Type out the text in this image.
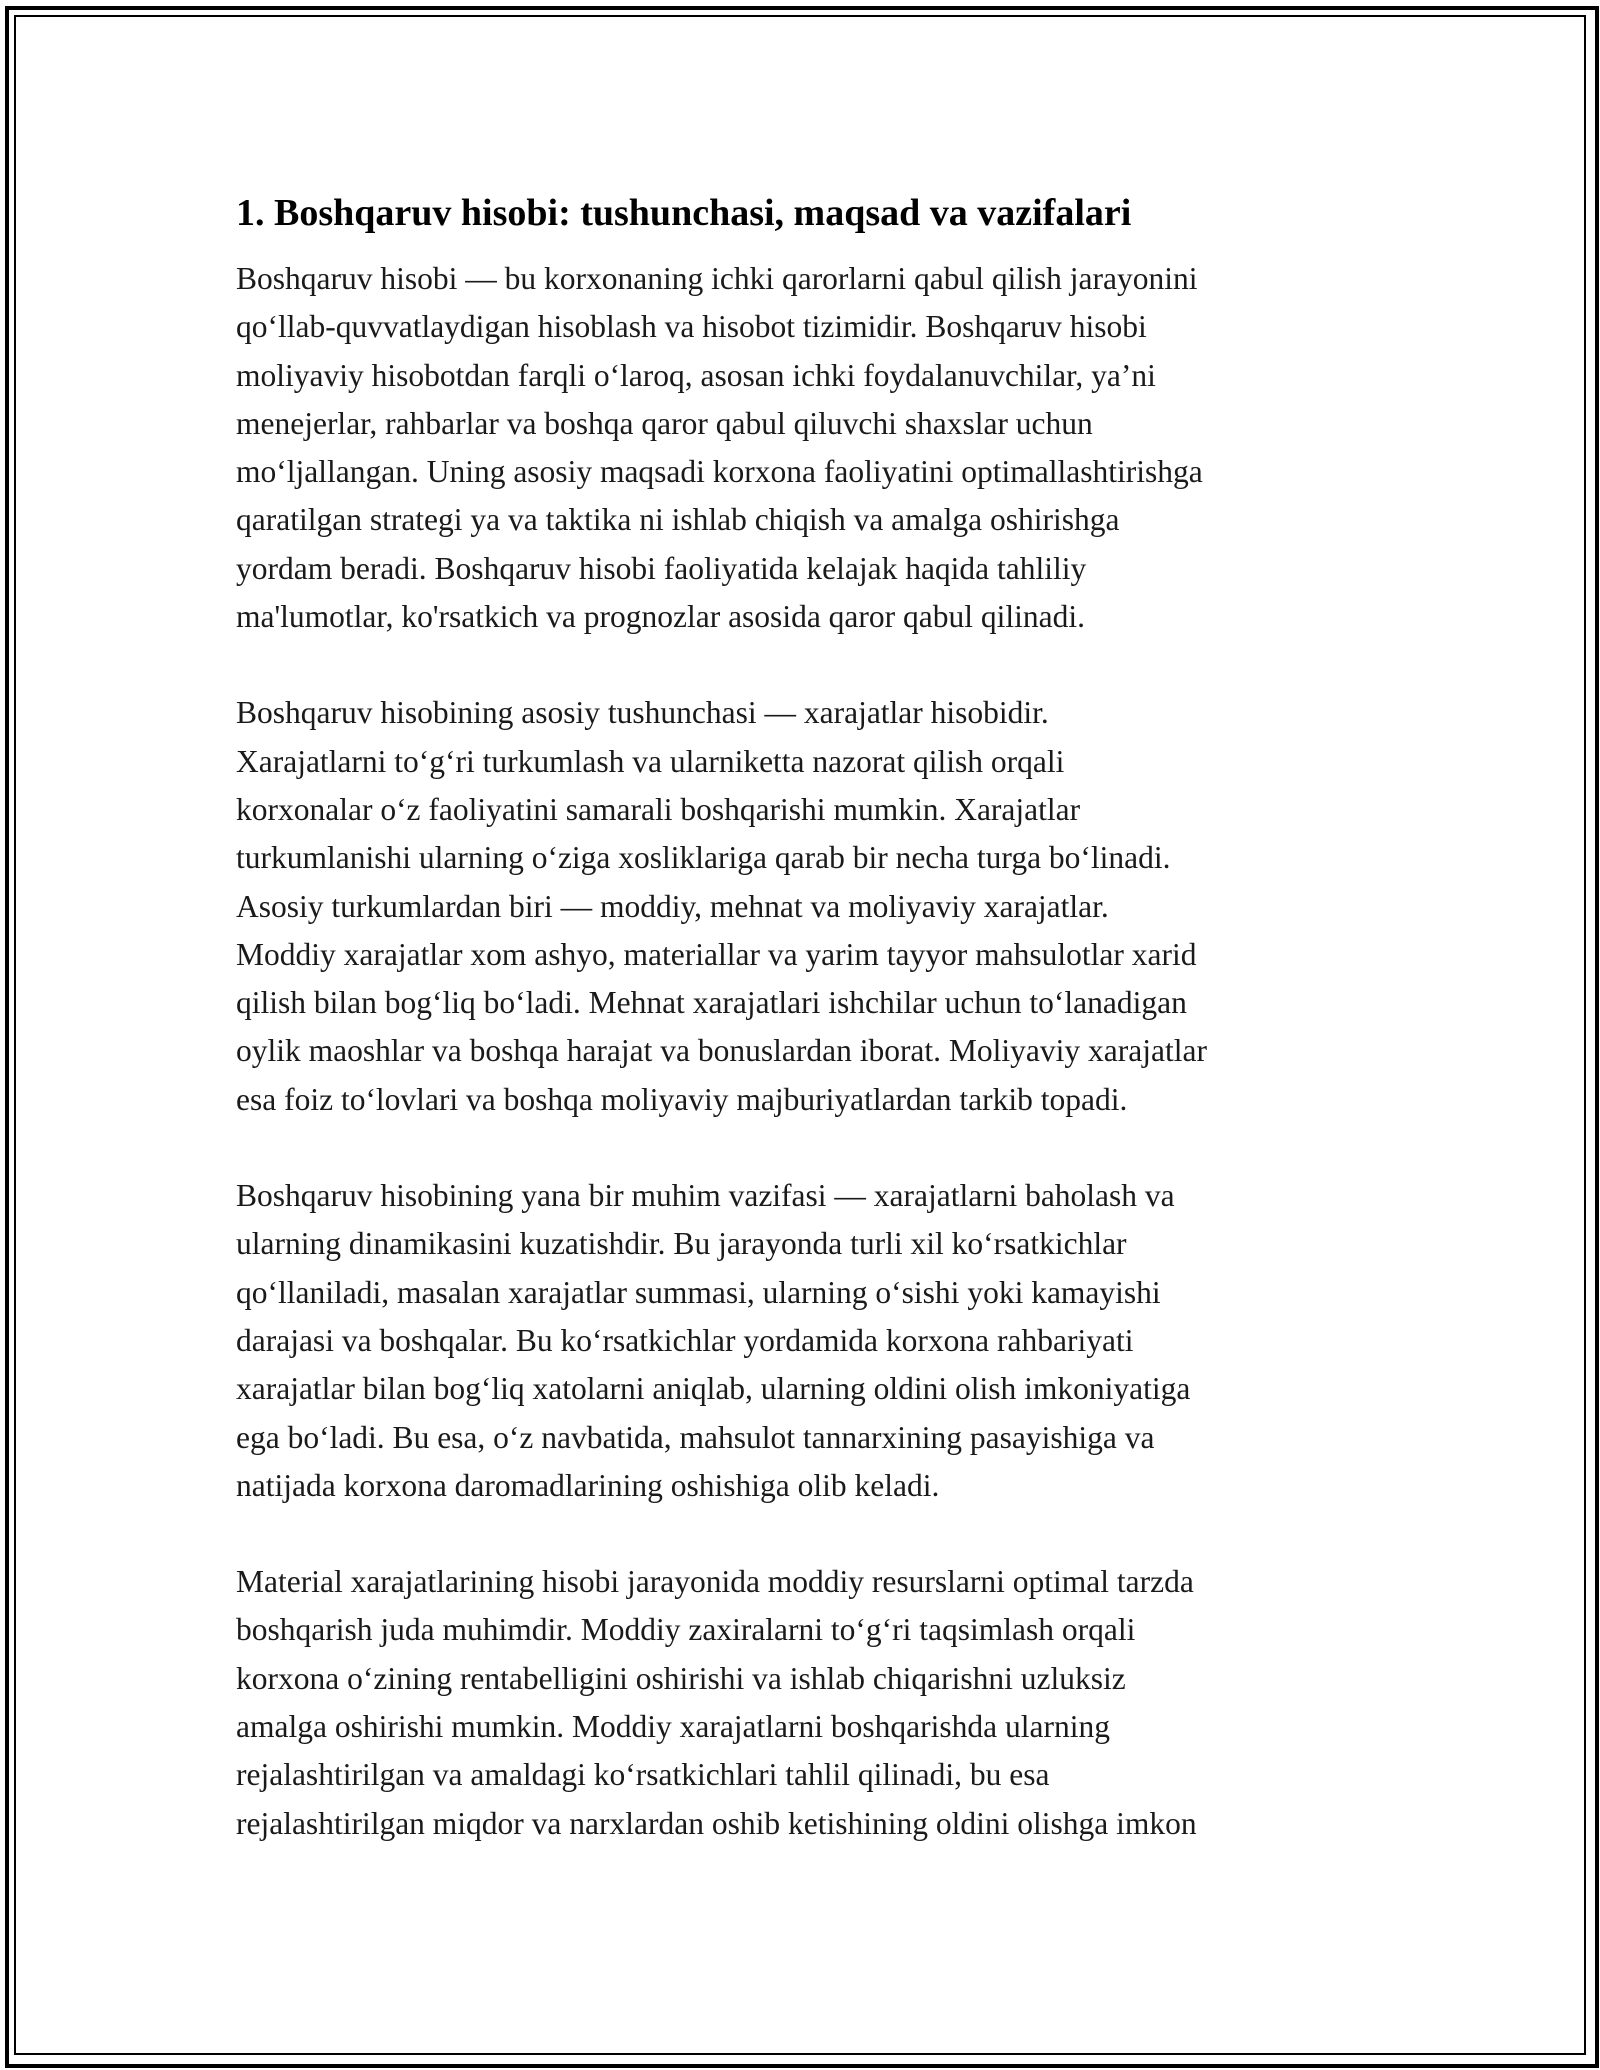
1. Boshqaruv hisobi: tushunchasi, maqsad va vazifalari
Boshqaruv hisobi — bu korxonaning ichki qarorlarni qabul qilish jarayonini
qo‘llab-quvvatlaydigan hisoblash va hisobot tizimidir. Boshqaruv hisobi
moliyaviy hisobotdan farqli o‘laroq, asosan ichki foydalanuvchilar, ya’ni
menejerlar, rahbarlar va boshqa qaror qabul qiluvchi shaxslar uchun
mo‘ljallangan. Uning asosiy maqsadi korxona faoliyatini optimallashtirishga
qaratilgan strategi ya va taktika ni ishlab chiqish va amalga oshirishga
yordam beradi. Boshqaruv hisobi faoliyatida kelajak haqida tahliliy
ma'lumotlar, ko'rsatkich va prognozlar asosida qaror qabul qilinadi.
Boshqaruv hisobining asosiy tushunchasi — xarajatlar hisobidir.
Xarajatlarni to‘g‘ri turkumlash va ularniketta nazorat qilish orqali
korxonalar o‘z faoliyatini samarali boshqarishi mumkin. Xarajatlar
turkumlanishi ularning o‘ziga xosliklariga qarab bir necha turga bo‘linadi.
Asosiy turkumlardan biri — moddiy, mehnat va moliyaviy xarajatlar.
Moddiy xarajatlar xom ashyo, materiallar va yarim tayyor mahsulotlar xarid
qilish bilan bog‘liq bo‘ladi. Mehnat xarajatlari ishchilar uchun to‘lanadigan
oylik maoshlar va boshqa harajat va bonuslardan iborat. Moliyaviy xarajatlar
esa foiz to‘lovlari va boshqa moliyaviy majburiyatlardan tarkib topadi.
Boshqaruv hisobining yana bir muhim vazifasi — xarajatlarni baholash va
ularning dinamikasini kuzatishdir. Bu jarayonda turli xil ko‘rsatkichlar
qo‘llaniladi, masalan xarajatlar summasi, ularning o‘sishi yoki kamayishi
darajasi va boshqalar. Bu ko‘rsatkichlar yordamida korxona rahbariyati
xarajatlar bilan bog‘liq xatolarni aniqlab, ularning oldini olish imkoniyatiga
ega bo‘ladi. Bu esa, o‘z navbatida, mahsulot tannarxining pasayishiga va
natijada korxona daromadlarining oshishiga olib keladi.
Material xarajatlarining hisobi jarayonida moddiy resurslarni optimal tarzda
boshqarish juda muhimdir. Moddiy zaxiralarni to‘g‘ri taqsimlash orqali
korxona o‘zining rentabelligini oshirishi va ishlab chiqarishni uzluksiz
amalga oshirishi mumkin. Moddiy xarajatlarni boshqarishda ularning
rejalashtirilgan va amaldagi ko‘rsatkichlari tahlil qilinadi, bu esa
rejalashtirilgan miqdor va narxlardan oshib ketishining oldini olishga imkon
